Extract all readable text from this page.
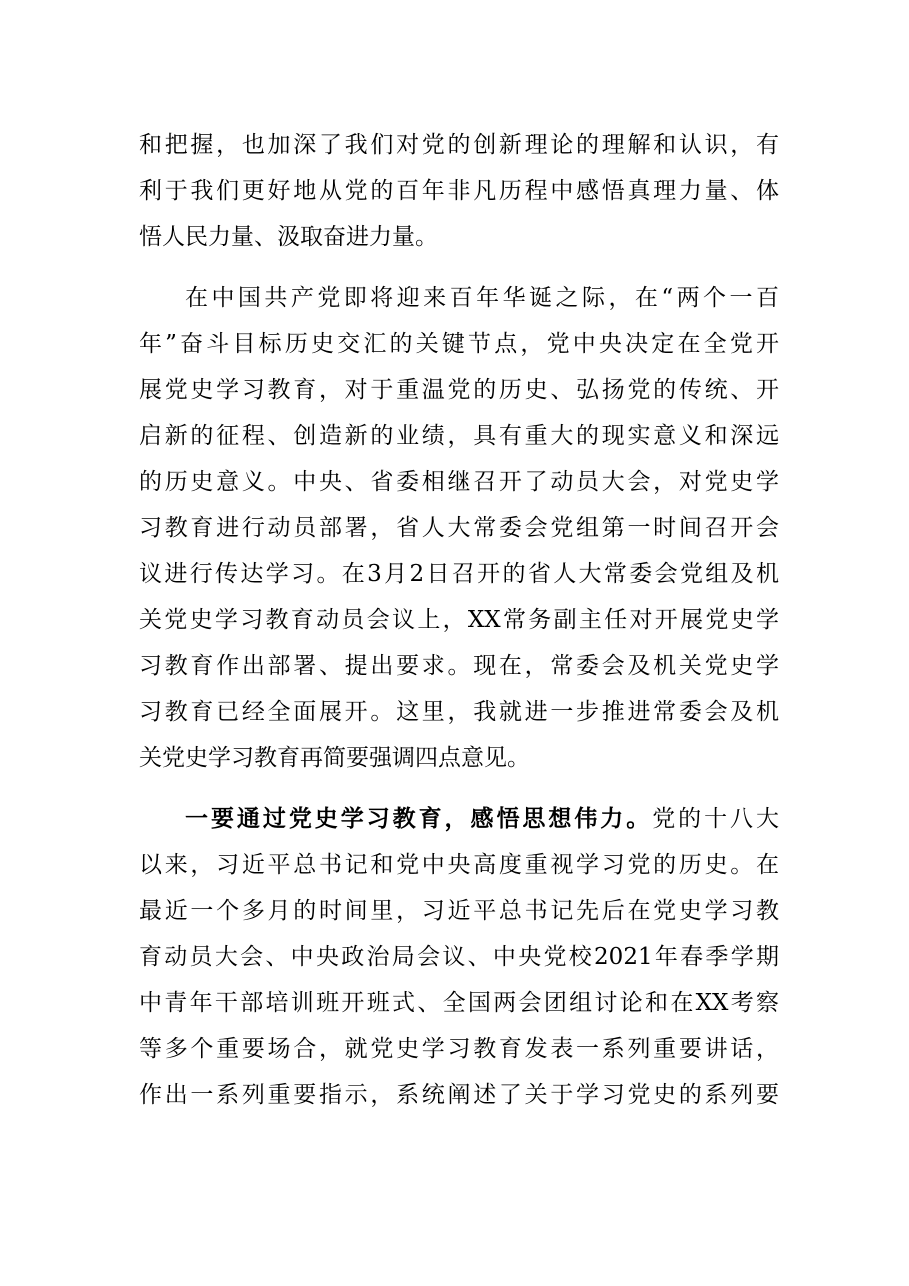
和把握，也加深了我们对党的创新理论的理解和认识，有
利于我们更好地从党的百年非凡历程中感悟真理力量、体
悟人民力量、汲取奋进力量。
在中国共产党即将迎来百年华诞之际，在“两个一百
年”奋斗目标历史交汇的关键节点，党中央决定在全党开
展党史学习教育，对于重温党的历史、弘扬党的传统、开
启新的征程、创造新的业绩，具有重大的现实意义和深远
的历史意义。中央、省委相继召开了动员大会，对党史学
习教育进行动员部署，省人大常委会党组第一时间召开会
议进行传达学习。在3月2日召开的省人大常委会党组及机
关党史学习教育动员会议上，XX常务副主任对开展党史学
习教育作出部署、提出要求。现在，常委会及机关党史学
习教育已经全面展开。这里，我就进一步推进常委会及机
关党史学习教育再简要强调四点意见。
一要通过党史学习教育，感悟思想伟力。党的十八大
以来，习近平总书记和党中央高度重视学习党的历史。在
最近一个多月的时间里，习近平总书记先后在党史学习教
育动员大会、中央政治局会议、中央党校2021年春季学期
中青年干部培训班开班式、全国两会团组讨论和在XX考察
等多个重要场合，就党史学习教育发表一系列重要讲话，
作出一系列重要指示，系统阐述了关于学习党史的系列要
